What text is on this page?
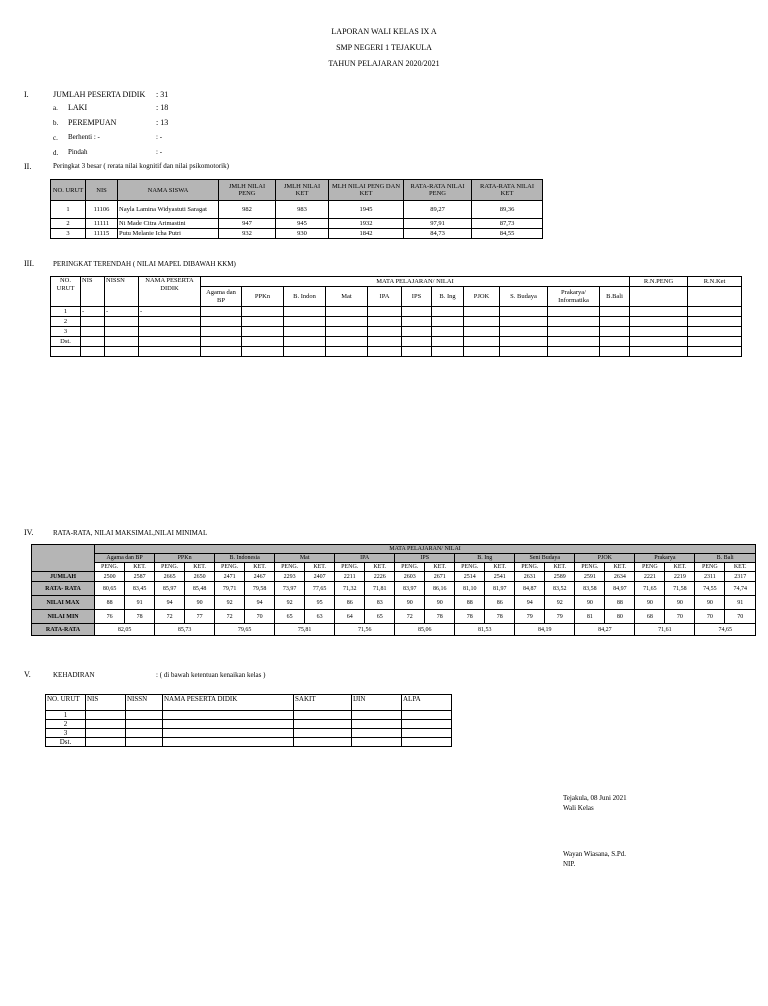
LAPORAN WALI KELAS IX A
SMP NEGERI 1 TEJAKULA
TAHUN PELAJARAN 2020/2021
I.	JUMLAH PESERTA DIDIK : 31
a. LAKI	: 18
b. PEREMPUAN	: 13
c. Berhenti : -	: -
d. Pindah	: -
II.	Peringkat 3 besar ( rerata nilai kognitif dan nilai psikomotorik)
NO. URUT	NIS	NAMA SISWA	JMLH NILAI PENG	JMLH NILAI KET	MLH NILAI PENG DAN KET	RATA-RATA NILAI PENG	RATA-RATA NILAI KET
1	11106	Nayla Lamina Widyastuti Saragat	982	983	1945	89,27	89,36
2	11111	Ni Made Citra Arimastini	947	945	1932	97,91	87,73
3	11115	Putu Melanie Icha Putri	932	930	1842	84,73	84,55
III.	PERINGKAT TERENDAH ( NILAI MAPEL DIBAWAH KKM)
NO. URUT	NIS	NISSN	NAMA PESERTA DIDIK	MATA PELAJARAN/ NILAI											R.N.PENG	R.N.Ket
				Agama dan BP	PPKn	B. Indon	Mat	IPA	IPS	B. Ing	PJOK	S. Budaya	Prakarya/ Informatika	B.Bali		
1	-	-	-													
2																
3																
Dst.																

IV.	RATA-RATA, NILAI MAKSIMAL,NILAI MINIMAL
	MATA PELAJARAN/ NILAI																					
	Agama dan BP		PPKn		B. Indonesia		Mat		IPA		IPS		B. Ing		Seni Budaya		PJOK		Prakarya		B. Bali	
	PENG.	KET.	PENG.	KET.	PENG.	KET.	PENG.	KET.	PENG.	KET.	PENG.	KET.	PENG.	KET.	PENG.	KET.	PENG.	KET.	PENG	KET.	PENG	KET.
JUMLAH	2500	2587	2665	2650	2471	2467	2293	2407	2211	2226	2603	2671	2514	2541	2631	2589	2591	2634	2221	2219	2311	2317
RATA- RATA	80,65	83,45	85,97	85,48	79,71	79,58	73,97	77,65	71,32	71,81	83,97	86,16	81,10	81,97	84,87	83,52	83,58	84,97	71,65	71,58	74,55	74,74
NILAI MAX	88	91	94	90	92	94	92	95	86	83	90	90	88	86	94	92	90	88	90	90	90	91
NILAI MIN	76	78	72	77	72	70	65	63	64	65	72	78	78	78	79	79	81	80	68	70	70	70
RATA-RATA	82,05		85,73		79,65		75,81		71,56		85,06		81,53		84,19		84,27		71,61		74,65	
V.	KEHADIRAN	: ( di bawah ketentuan kenaikan kelas )
NO. URUT	NIS	NISSN	NAMA PESERTA DIDIK	SAKIT	IJIN	ALPA
1						
2						
3						
Dst.						
Tejakula, 08 Juni 2021
Wali Kelas
Wayan Wiasana, S.Pd.
NIP.
